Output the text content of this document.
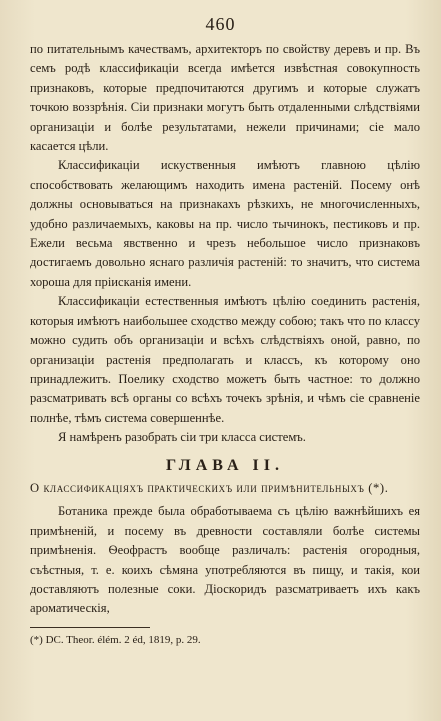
460

по питательнымъ качествамъ, архитекторъ по свойству деревъ и пр. Въ семъ родѣ классификаціи всегда имѣется извѣстная совокупность признаковъ, которые предпочитаются другимъ и которые служатъ точкою воззрѣнія. Сіи признаки могутъ быть отдаленными слѣдствіями организаціи и болѣе результатами, нежели причинами; сіе мало касается цѣли.

Классификаціи искуственныя имѣютъ главною цѣлію способствовать желающимъ находить имена растеній. Посему онѣ должны основываться на признакахъ рѣзкихъ, не многочисленныхъ, удобно различаемыхъ, каковы на пр. число тычинокъ, пестиковъ и пр. Ежели весьма явственно и чрезъ небольшое число признаковъ достигаемъ довольно яснаго различія растеній: то значитъ, что система хороша для прiисканія имени.

Классификаціи естественныя имѣютъ цѣлію соединить растенія, которыя имѣютъ наибольшее сходство между собою; такъ что по классу можно судить объ организаціи и всѣхъ слѣдствіяхъ оной, равно, по организаціи растенія предполагать и классъ, къ которому оно принадлежитъ. Поелику сходство можетъ быть частное: то должно разсматривать всѣ органы со всѣхъ точекъ зрѣнія, и чѣмъ сіе сравненіе полнѣе, тѣмъ система совершеннѣе.

Я намѣренъ разобрать сіи три класса системъ.

ГЛАВА II.
О классификаціяхъ практическихъ или примѣнительныхъ (*).

Ботаника прежде была обработываема съ цѣлію важнѣйшихъ ея примѣненій, и посему въ древности составляли болѣе системы примѣненія. Ѳеофрастъ вообще различалъ: растенія огородныя, съѣстныя, т. е. коихъ сѣмяна употребляются въ пищу, и такія, кои доставляютъ полезные соки. Діоскоридъ разсматриваетъ ихъ какъ ароматическія,

(*) DC. Theor. élém. 2 éd, 1819, p. 29.
